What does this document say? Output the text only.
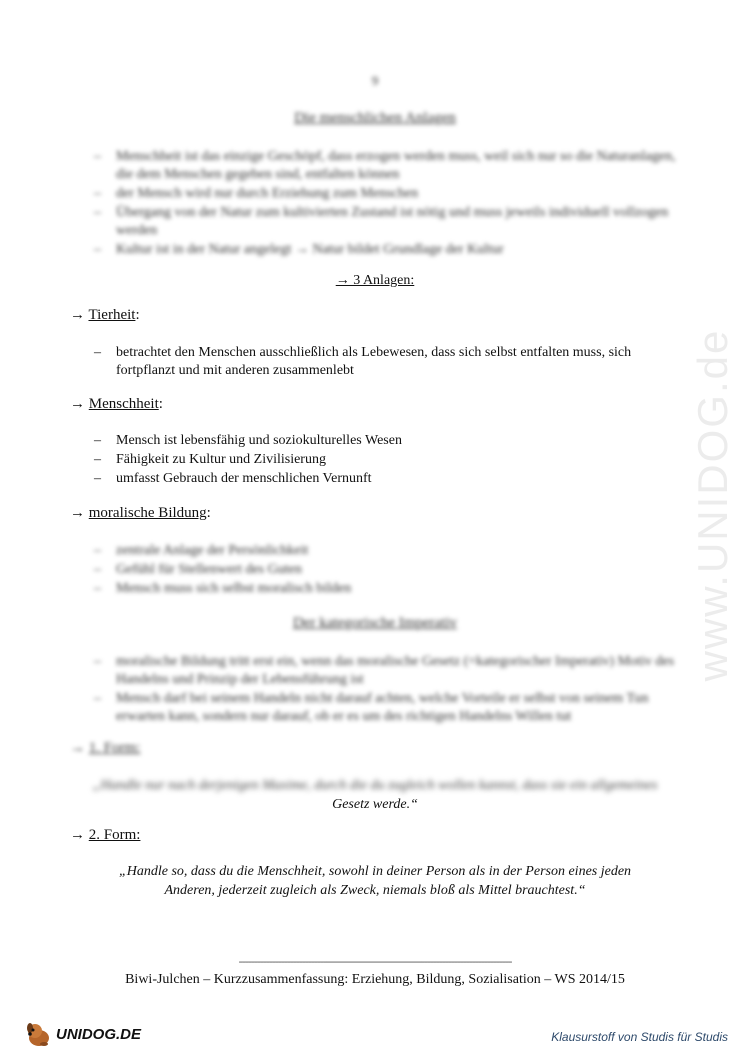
9
Die menschlichen Anlagen
– Menschheit ist das einzige Geschöpf, dass erzogen werden muss, weil sich nur so die Naturanlagen, die dem Menschen gegeben sind, entfalten können
– der Mensch wird nur durch Erziehung zum Menschen
– Übergang von der Natur zum kultivierten Zustand ist nötig und muss jeweils individuell vollzogen werden
– Kultur ist in der Natur angelegt → Natur bildet Grundlage der Kultur
→ 3 Anlagen:
→ Tierheit:
– betrachtet den Menschen ausschließlich als Lebewesen, dass sich selbst entfalten muss, sich fortpflanzt und mit anderen zusammenlebt
→ Menschheit:
– Mensch ist lebensfähig und soziokulturelles Wesen
– Fähigkeit zu Kultur und Zivilisierung
– umfasst Gebrauch der menschlichen Vernunft
→ moralische Bildung:
– zentrale Anlage der Persönlichkeit
– Gefühl für Stellenwert des Guten
– Mensch muss sich selbst moralisch bilden
Der kategorische Imperativ
– moralische Bildung tritt erst ein, wenn das moralische Gesetz (=kategorischer Imperativ) Motiv des Handelns und Prinzip der Lebensführung ist
– Mensch darf bei seinem Handeln nicht darauf achten, welche Vorteile er selbst von seinem Tun erwarten kann, sondern nur darauf, ob er es um des richtigen Handelns Willen tut
→ 1. Form:
„Handle nur nach derjenigen Maxime, durch die du zugleich wollen kannst, dass sie ein allgemeines
Gesetz werde.“
→ 2. Form:
„Handle so, dass du die Menschheit, sowohl in deiner Person als in der Person eines jeden
Anderen, jederzeit zugleich als Zweck, niemals bloß als Mittel brauchtest.“
www.UNIDOG.de
-------------------------------------------------------------------------------------------
Biwi-Julchen – Kurzzusammenfassung: Erziehung, Bildung, Sozialisation – WS 2014/15
UNIDOG.DE	Klausurstoff von Studis für Studis
